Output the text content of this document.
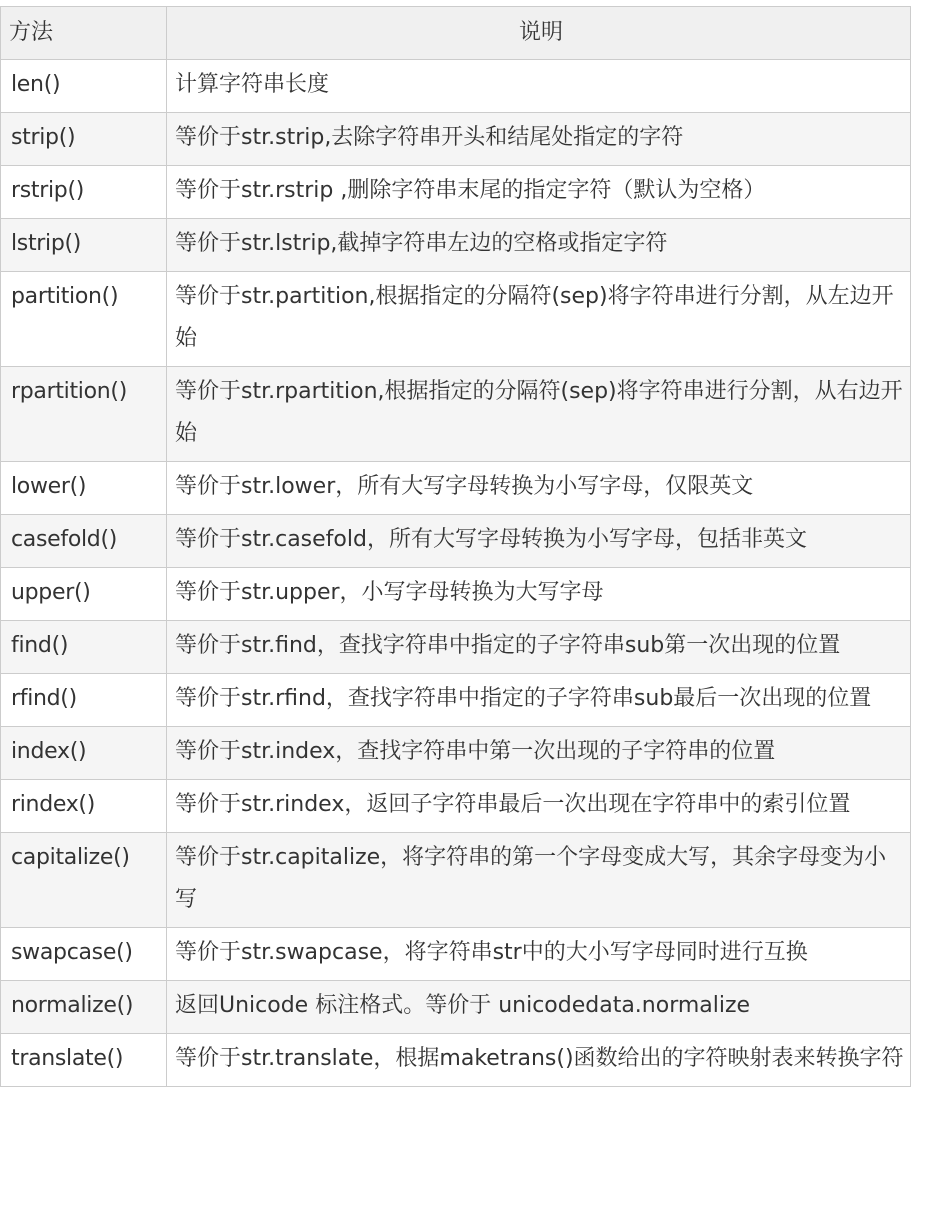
方法	说明
len()	计算字符串长度
strip()	等价于str.strip,去除字符串开头和结尾处指定的字符
rstrip()	等价于str.rstrip ,删除字符串末尾的指定字符（默认为空格）
lstrip()	等价于str.lstrip,截掉字符串左边的空格或指定字符
partition()	等价于str.partition,根据指定的分隔符(sep)将字符串进行分割，从左边开始
rpartition()	等价于str.rpartition,根据指定的分隔符(sep)将字符串进行分割，从右边开始
lower()	等价于str.lower，所有大写字母转换为小写字母，仅限英文
casefold()	等价于str.casefold，所有大写字母转换为小写字母，包括非英文
upper()	等价于str.upper，小写字母转换为大写字母
find()	等价于str.find，查找字符串中指定的子字符串sub第一次出现的位置
rfind()	等价于str.rfind，查找字符串中指定的子字符串sub最后一次出现的位置
index()	等价于str.index，查找字符串中第一次出现的子字符串的位置
rindex()	等价于str.rindex，返回子字符串最后一次出现在字符串中的索引位置
capitalize()	等价于str.capitalize，将字符串的第一个字母变成大写，其余字母变为小写
swapcase()	等价于str.swapcase，将字符串str中的大小写字母同时进行互换
normalize()	返回Unicode 标注格式。等价于 unicodedata.normalize
translate()	等价于str.translate，根据maketrans()函数给出的字符映射表来转换字符
